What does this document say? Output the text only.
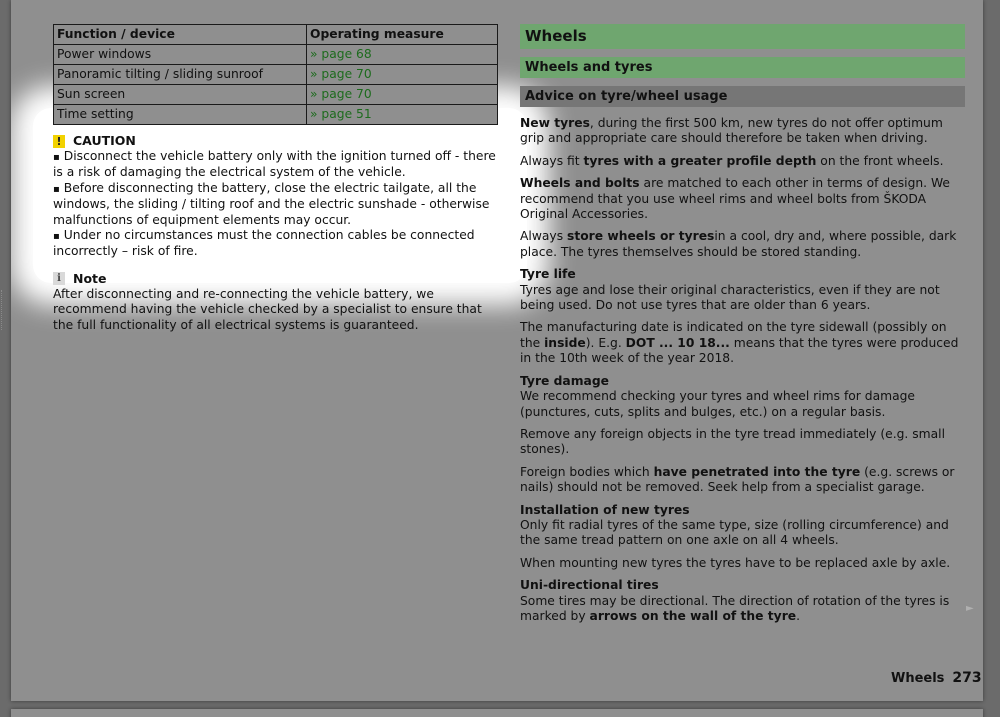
Function / device	Operating measure
Power windows	» page 68
Panoramic tilting / sliding sunroof	» page 70
Sun screen	» page 70
Time setting	» page 51
! CAUTION

▪ Disconnect the vehicle battery only with the ignition turned off - there is a risk of damaging the electrical system of the vehicle.

▪ Before disconnecting the battery, close the electric tailgate, all the windows, the sliding / tilting roof and the electric sunshade - otherwise malfunctions of equipment elements may occur.

▪ Under no circumstances must the connection cables be connected incorrectly – risk of fire.

i Note

After disconnecting and re-connecting the vehicle battery, we recommend having the vehicle checked by a specialist to ensure that the full functionality of all electrical systems is guaranteed.

Wheels
Wheels and tyres
Advice on tyre/wheel usage

New tyres, during the first 500 km, new tyres do not offer optimum grip and appropriate care should therefore be taken when driving.

Always fit tyres with a greater profile depth on the front wheels.

Wheels and bolts are matched to each other in terms of design. We recommend that you use wheel rims and wheel bolts from ŠKODA Original Accessories.

Always store wheels or tyresin a cool, dry and, where possible, dark place. The tyres themselves should be stored standing.

Tyre life

Tyres age and lose their original characteristics, even if they are not being used. Do not use tyres that are older than 6 years.

The manufacturing date is indicated on the tyre sidewall (possibly on the inside). E.g. DOT ... 10 18... means that the tyres were produced in the 10th week of the year 2018.

Tyre damage

We recommend checking your tyres and wheel rims for damage (punctures, cuts, splits and bulges, etc.) on a regular basis.

Remove any foreign objects in the tyre tread immediately (e.g. small stones).

Foreign bodies which have penetrated into the tyre (e.g. screws or nails) should not be removed. Seek help from a specialist garage.

Installation of new tyres

Only fit radial tyres of the same type, size (rolling circumference) and the same tread pattern on one axle on all 4 wheels.

When mounting new tyres the tyres have to be replaced axle by axle.

Uni-directional tires

Some tires may be directional. The direction of rotation of the tyres is marked by arrows on the wall of the tyre.

►
Wheels 273
